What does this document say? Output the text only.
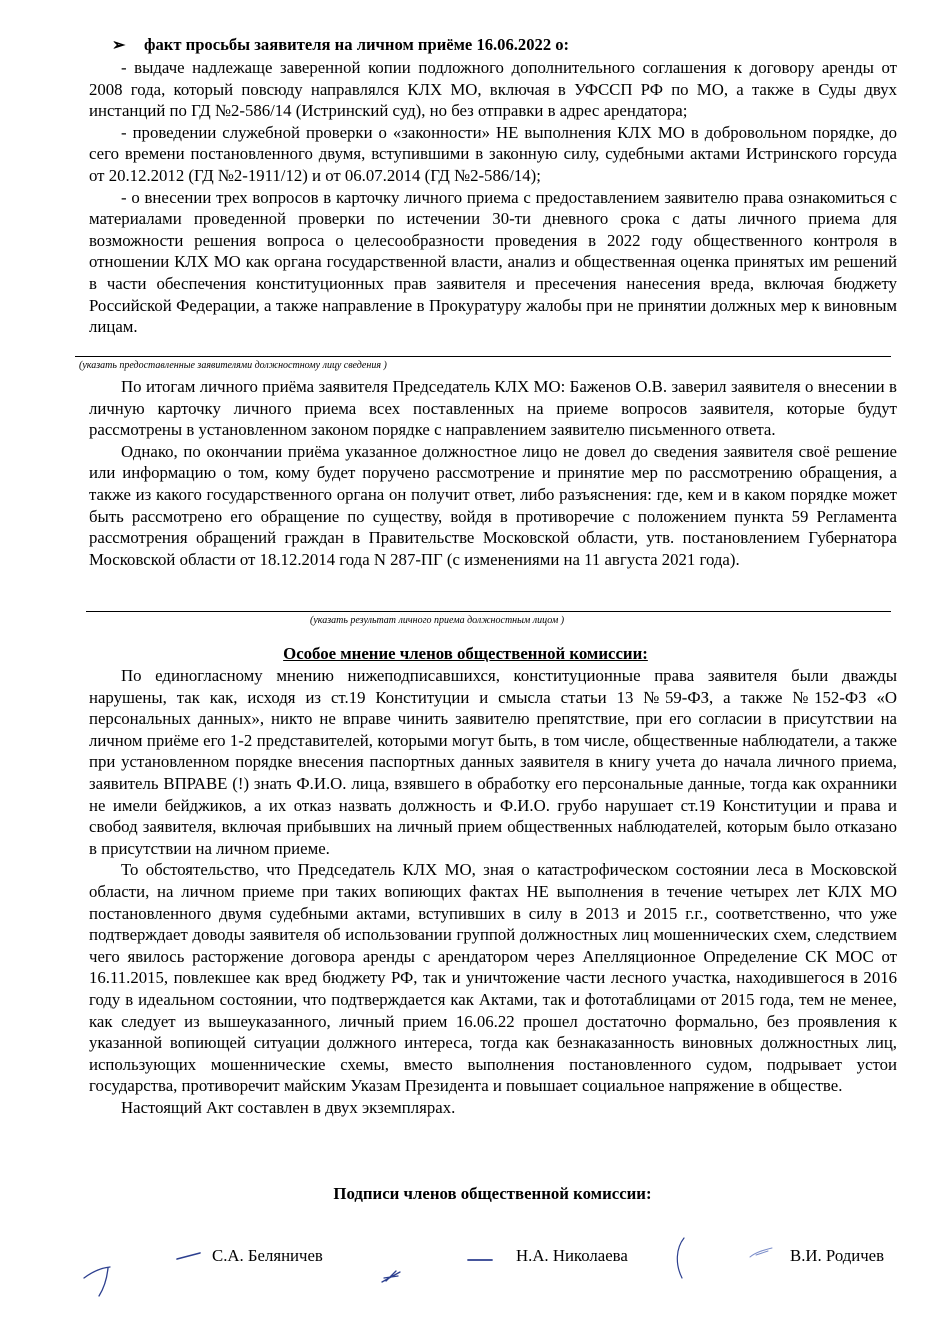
➢ факт просьбы заявителя на личном приёме 16.06.2022 о:

- выдаче надлежаще заверенной копии подложного дополнительного соглашения к договору аренды от 2008 года, который повсюду направлялся КЛХ МО, включая в УФССП РФ по МО, а также в Суды двух инстанций по ГД №2-586/14 (Истринский суд), но без отправки в адрес арендатора;

- проведении служебной проверки о «законности» НЕ выполнения КЛХ МО в добровольном порядке, до сего времени постановленного двумя, вступившими в законную силу, судебными актами Истринского горсуда от 20.12.2012 (ГД №2-1911/12) и от 06.07.2014 (ГД №2-586/14);

- о внесении трех вопросов в карточку личного приема с предоставлением заявителю права ознакомиться с материалами проведенной проверки по истечении 30-ти дневного срока с даты личного приема для возможности решения вопроса о целесообразности проведения в 2022 году общественного контроля в отношении КЛХ МО как органа государственной власти, анализ и общественная оценка принятых им решений в части обеспечения конституционных прав заявителя и пресечения нанесения вреда, включая бюджету Российской Федерации, а также направление в Прокуратуру жалобы при не принятии должных мер к виновным лицам.

(указать предоставленные заявителями должностному лицу сведения )

По итогам личного приёма заявителя Председатель КЛХ МО: Баженов О.В. заверил заявителя о внесении в личную карточку личного приема всех поставленных на приеме вопросов заявителя, которые будут рассмотрены в установленном законом порядке с направлением заявителю письменного ответа.

Однако, по окончании приёма указанное должностное лицо не довел до сведения заявителя своё решение или информацию о том, кому будет поручено рассмотрение и принятие мер по рассмотрению обращения, а также из какого государственного органа он получит ответ, либо разъяснения: где, кем и в каком порядке может быть рассмотрено его обращение по существу, войдя в противоречие с положением пункта 59 Регламента рассмотрения обращений граждан в Правительстве Московской области, утв. постановлением Губернатора Московской области от 18.12.2014 года N 287-ПГ (с изменениями на 11 августа 2021 года).

(указать результат личного приема должностным лицом )
Особое мнение членов общественной комиссии:

По единогласному мнению нижеподписавшихся, конституционные права заявителя были дважды нарушены, так как, исходя из ст.19 Конституции и смысла статьи 13 №59-ФЗ, а также №152-ФЗ «О персональных данных», никто не вправе чинить заявителю препятствие, при его согласии в присутствии на личном приёме его 1-2 представителей, которыми могут быть, в том числе, общественные наблюдатели, а также при установленном порядке внесения паспортных данных заявителя в книгу учета до начала личного приема, заявитель ВПРАВЕ (!) знать Ф.И.О. лица, взявшего в обработку его персональные данные, тогда как охранники не имели бейджиков, а их отказ назвать должность и Ф.И.О. грубо нарушает ст.19 Конституции и права и свобод заявителя, включая прибывших на личный прием общественных наблюдателей, которым было отказано в присутствии на личном приеме.

То обстоятельство, что Председатель КЛХ МО, зная о катастрофическом состоянии леса в Московской области, на личном приеме при таких вопиющих фактах НЕ выполнения в течение четырех лет КЛХ МО постановленного двумя судебными актами, вступивших в силу в 2013 и 2015 г.г., соответственно, что уже подтверждает доводы заявителя об использовании группой должностных лиц мошеннических схем, следствием чего явилось расторжение договора аренды с арендатором через Апелляционное Определение СК МОС от 16.11.2015, повлекшее как вред бюджету РФ, так и уничтожение части лесного участка, находившегося в 2016 году в идеальном состоянии, что подтверждается как Актами, так и фототаблицами от 2015 года, тем не менее, как следует из вышеуказанного, личный прием 16.06.22 прошел достаточно формально, без проявления к указанной вопиющей ситуации должного интереса, тогда как безнаказанность виновных должностных лиц, использующих мошеннические схемы, вместо выполнения постановленного судом, подрывает устои государства, противоречит майским Указам Президента и повышает социальное напряжение в обществе.

Настоящий Акт составлен в двух экземплярах.

Подписи членов общественной комиссии:
С.А. Беляничев	Н.А. Николаева	В.И. Родичев
